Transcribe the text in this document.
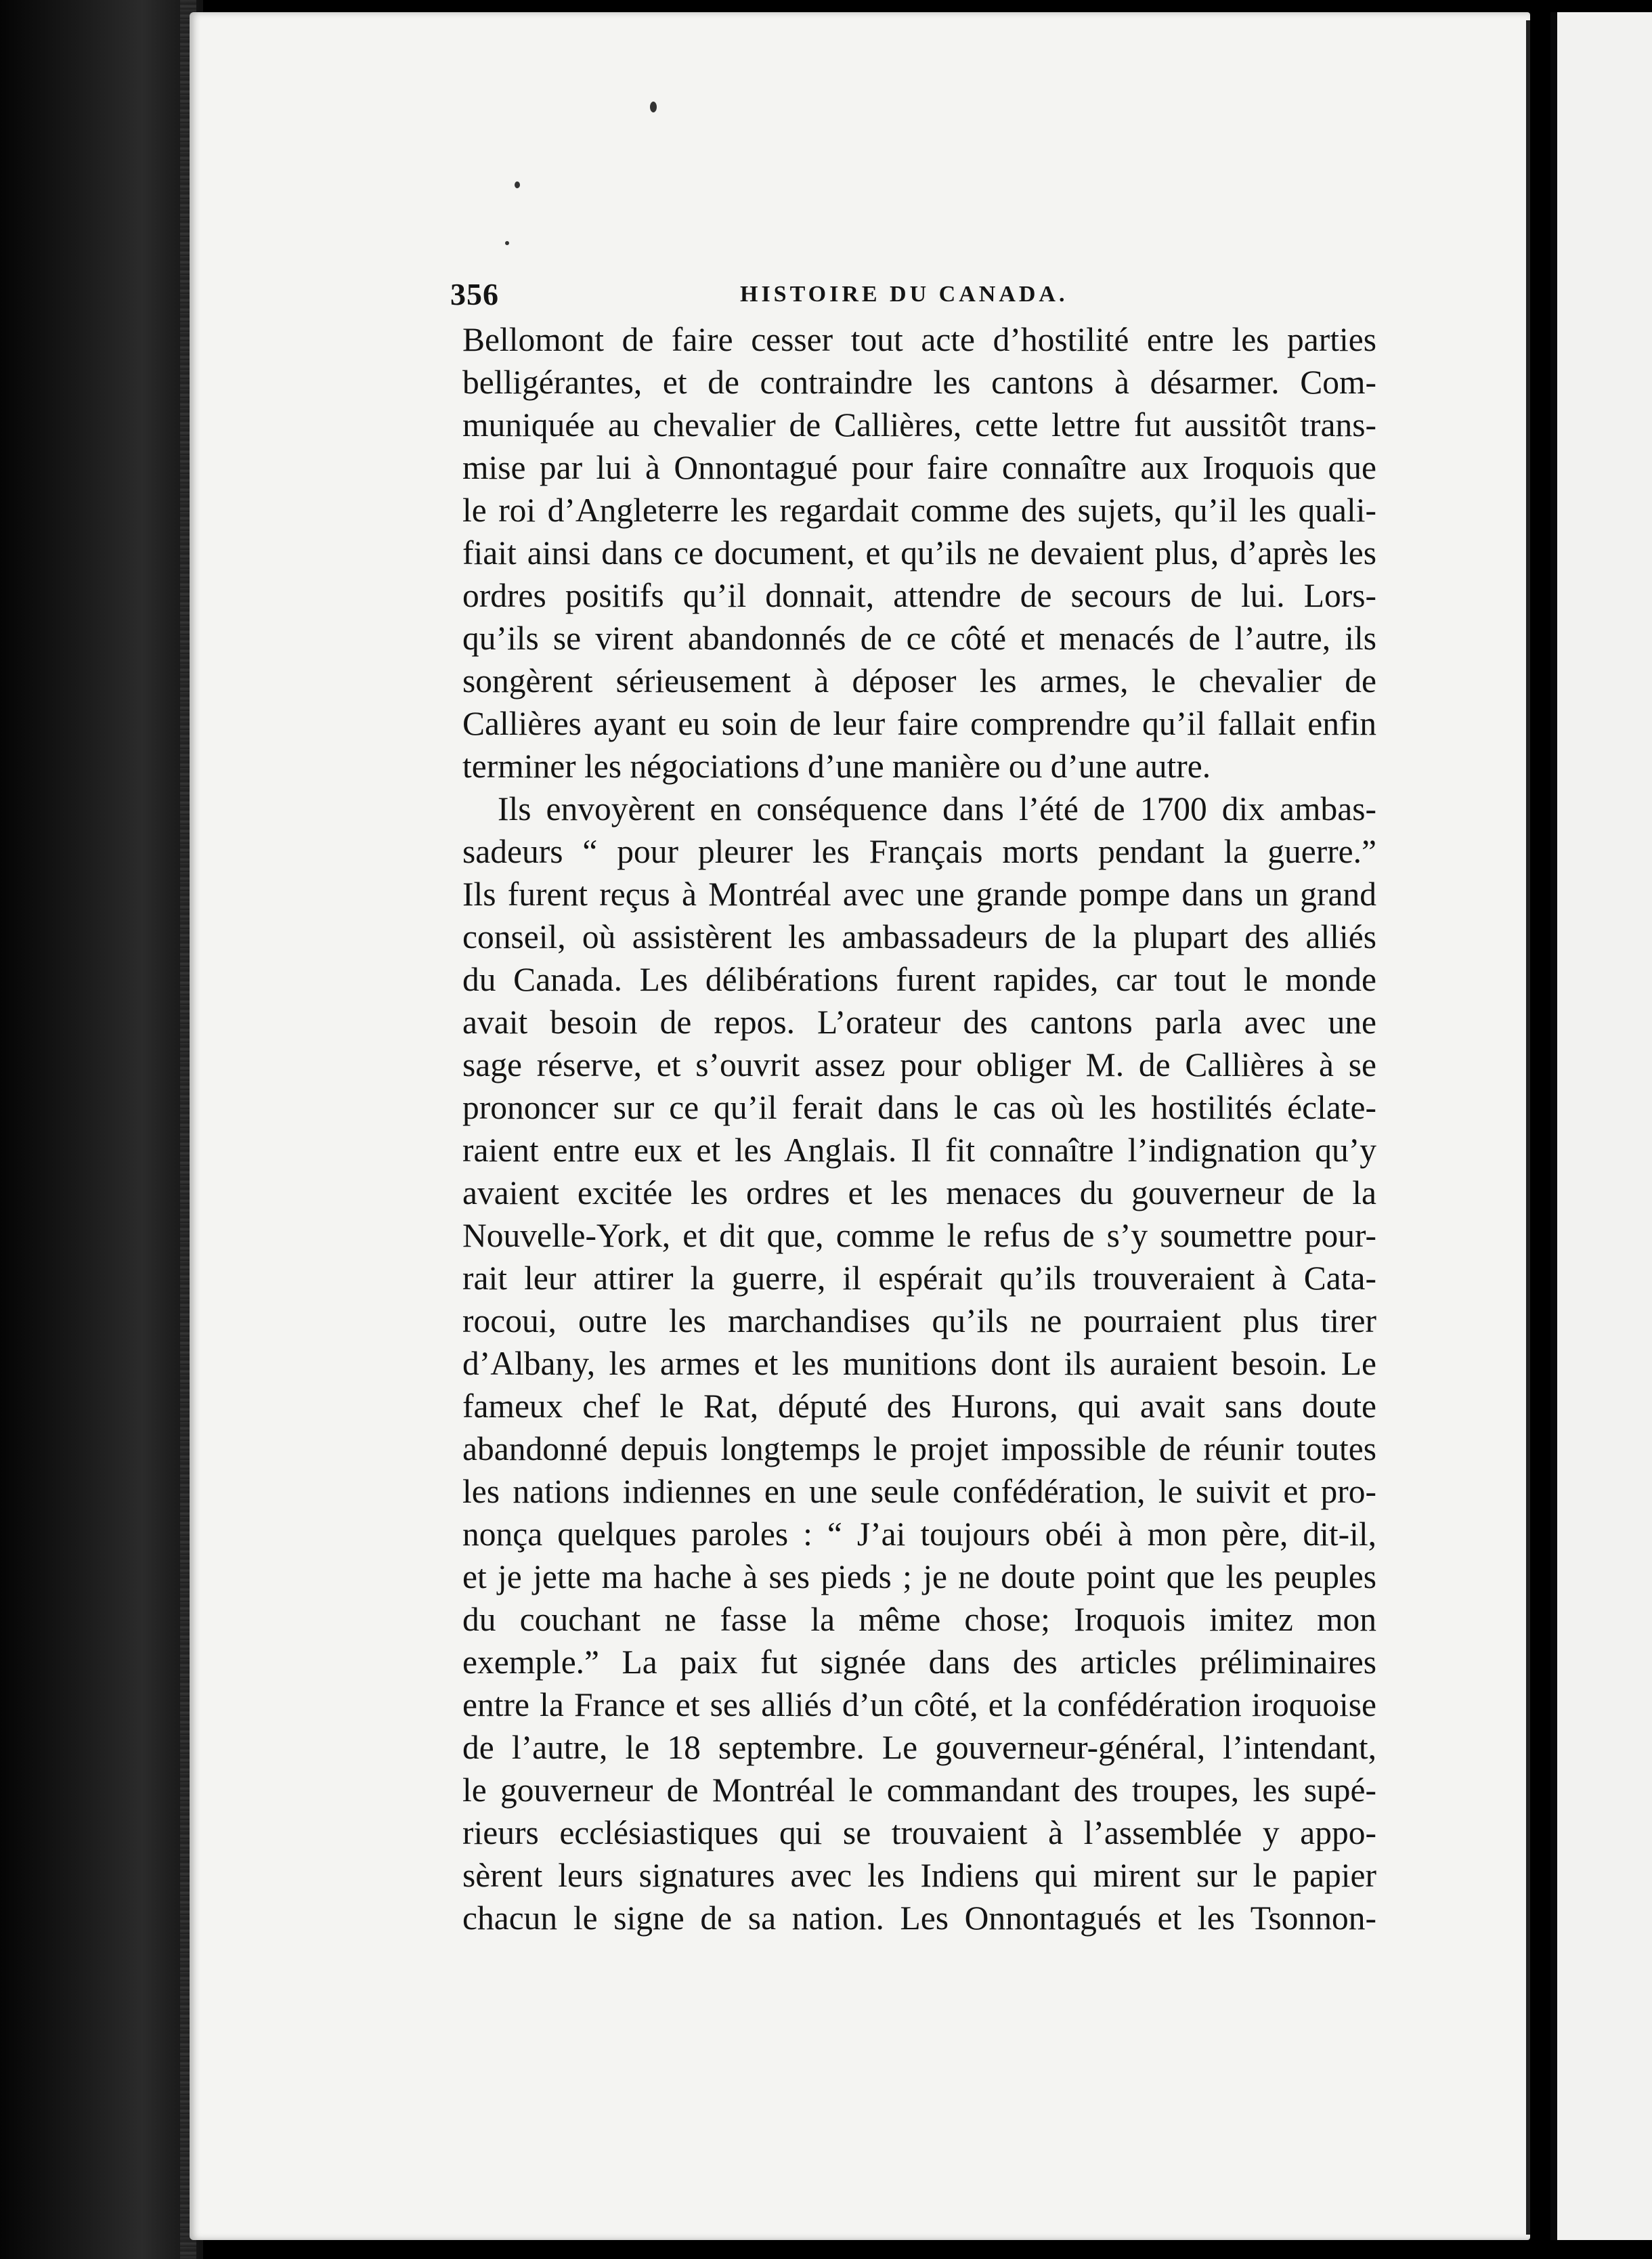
356	HISTOIRE DU CANADA.
Bellomont de faire cesser tout acte d’hostilité entre les parties
belligérantes, et de contraindre les cantons à désarmer. Com-
muniquée au chevalier de Callières, cette lettre fut aussitôt trans-
mise par lui à Onnontagué pour faire connaître aux Iroquois que
le roi d’Angleterre les regardait comme des sujets, qu’il les quali-
fiait ainsi dans ce document, et qu’ils ne devaient plus, d’après les
ordres positifs qu’il donnait, attendre de secours de lui. Lors-
qu’ils se virent abandonnés de ce côté et menacés de l’autre, ils
songèrent sérieusement à déposer les armes, le chevalier de
Callières ayant eu soin de leur faire comprendre qu’il fallait enfin
terminer les négociations d’une manière ou d’une autre.
Ils envoyèrent en conséquence dans l’été de 1700 dix ambas-
sadeurs “ pour pleurer les Français morts pendant la guerre.”
Ils furent reçus à Montréal avec une grande pompe dans un grand
conseil, où assistèrent les ambassadeurs de la plupart des alliés
du Canada. Les délibérations furent rapides, car tout le monde
avait besoin de repos. L’orateur des cantons parla avec une
sage réserve, et s’ouvrit assez pour obliger M. de Callières à se
prononcer sur ce qu’il ferait dans le cas où les hostilités éclate-
raient entre eux et les Anglais. Il fit connaître l’indignation qu’y
avaient excitée les ordres et les menaces du gouverneur de la
Nouvelle-York, et dit que, comme le refus de s’y soumettre pour-
rait leur attirer la guerre, il espérait qu’ils trouveraient à Cata-
rocoui, outre les marchandises qu’ils ne pourraient plus tirer
d’Albany, les armes et les munitions dont ils auraient besoin. Le
fameux chef le Rat, député des Hurons, qui avait sans doute
abandonné depuis longtemps le projet impossible de réunir toutes
les nations indiennes en une seule confédération, le suivit et pro-
nonça quelques paroles : “ J’ai toujours obéi à mon père, dit-il,
et je jette ma hache à ses pieds ; je ne doute point que les peuples
du couchant ne fasse la même chose; Iroquois imitez mon
exemple.” La paix fut signée dans des articles préliminaires
entre la France et ses alliés d’un côté, et la confédération iroquoise
de l’autre, le 18 septembre. Le gouverneur-général, l’intendant,
le gouverneur de Montréal le commandant des troupes, les supé-
rieurs ecclésiastiques qui se trouvaient à l’assemblée y appo-
sèrent leurs signatures avec les Indiens qui mirent sur le papier
chacun le signe de sa nation. Les Onnontagués et les Tsonnon-
